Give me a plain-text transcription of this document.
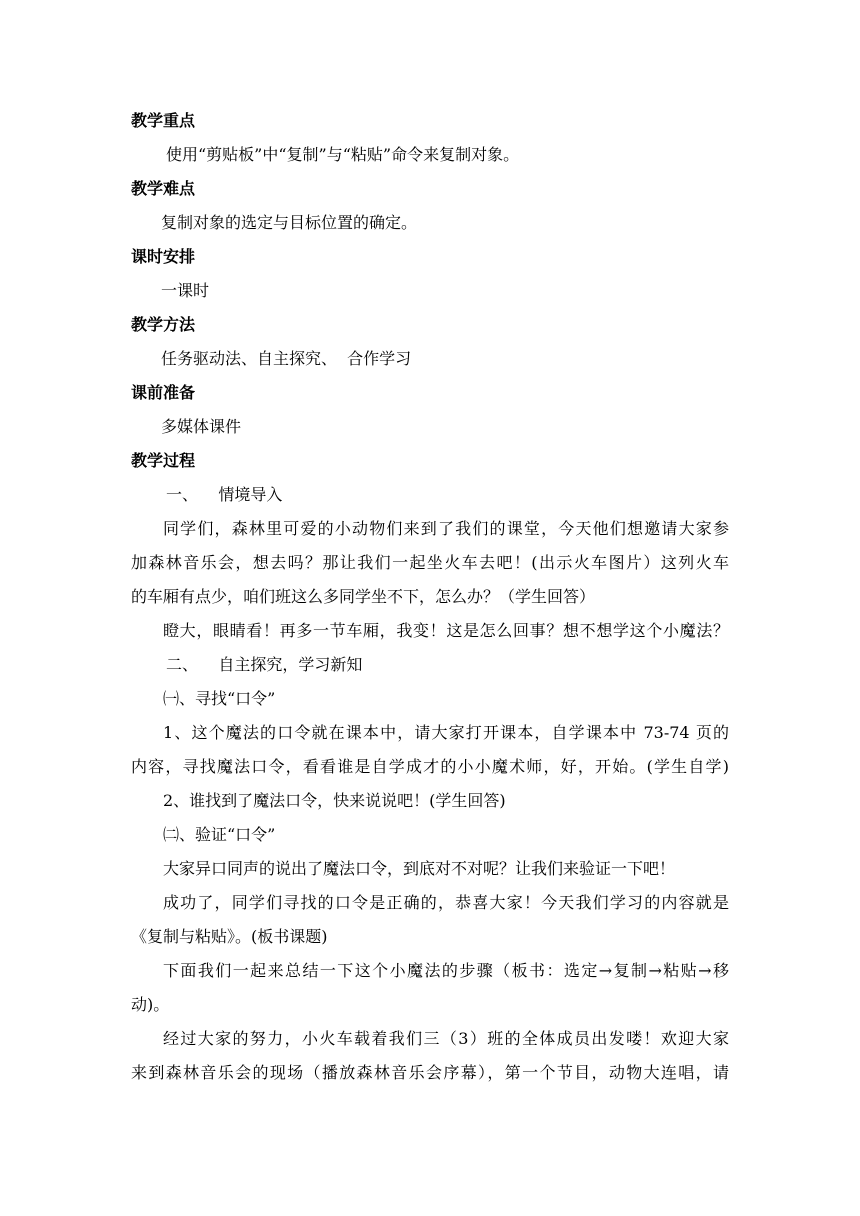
教学重点
使用“剪贴板”中“复制”与“粘贴”命令来复制对象。
教学难点
复制对象的选定与目标位置的确定。
课时安排
一课时
教学方法
任务驱动法、自主探究、  合作学习
课前准备
多媒体课件
教学过程
一、    情境导入
同学们，森林里可爱的小动物们来到了我们的课堂，今天他们想邀请大家参
加森林音乐会，想去吗？那让我们一起坐火车去吧！(出示火车图片）这列火车
的车厢有点少，咱们班这么多同学坐不下，怎么办？（学生回答）
瞪大，眼睛看！再多一节车厢，我变！这是怎么回事？想不想学这个小魔法？
二、    自主探究，学习新知
㈠、寻找“口令”
1、这个魔法的口令就在课本中，请大家打开课本，自学课本中 73-74 页的
内容，寻找魔法口令，看看谁是自学成才的小小魔术师，好，开始。(学生自学)
2、谁找到了魔法口令，快来说说吧！(学生回答)
㈡、验证“口令”
大家异口同声的说出了魔法口令，到底对不对呢？让我们来验证一下吧！
成功了，同学们寻找的口令是正确的，恭喜大家！今天我们学习的内容就是
《复制与粘贴》。(板书课题)
下面我们一起来总结一下这个小魔法的步骤（板书：选定→复制→粘贴→移
动)。
经过大家的努力，小火车载着我们三（3）班的全体成员出发喽！欢迎大家
来到森林音乐会的现场（播放森林音乐会序幕），第一个节目，动物大连唱，请
